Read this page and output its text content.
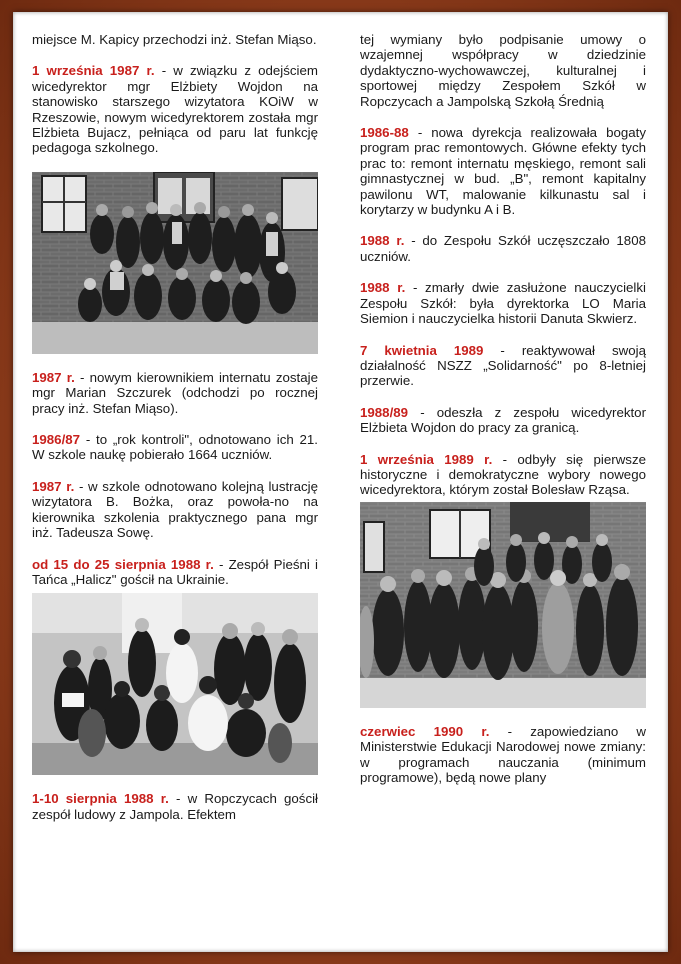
miejsce M. Kapicy przechodzi inż. Stefan Miąso.

1 września 1987 r. - w związku z odejściem wicedyrektor mgr Elżbiety Wojdon na stanowisko starszego wizytatora KOiW w Rzeszowie, nowym wicedyrektorem została mgr Elżbieta Bujacz, pełniąca od paru lat funkcję pedagoga szkolnego.

1987 r. - nowym kierownikiem internatu zostaje mgr Marian Szczurek (odchodzi po rocznej pracy inż. Stefan Miąso).

1986/87 - to „rok kontroli", odnotowano ich 21. W szkole naukę pobierało 1664 uczniów.

1987 r. - w szkole odnotowano kolejną lustrację wizytatora B. Bożka, oraz powoła-no na kierownika szkolenia praktycznego pana mgr inż. Tadeusza Sowę.

od 15 do 25 sierpnia 1988 r. - Zespół Pieśni i Tańca „Halicz" gościł na Ukrainie.

1-10 sierpnia 1988 r. - w Ropczycach gościł zespół ludowy z Jampola. Efektem

tej wymiany było podpisanie umowy o wzajemnej współpracy w dziedzinie dydaktyczno-wychowawczej, kulturalnej i sportowej między Zespołem Szkół w Ropczycach a Jampolską Szkołą Średnią

1986-88 - nowa dyrekcja realizowała bogaty program prac remontowych. Główne efekty tych prac to: remont internatu męskiego, remont sali gimnastycznej w bud. „B", remont kapitalny pawilonu WT, malowanie kilkunastu sal i korytarzy w budynku A i B.

1988 r. - do Zespołu Szkół uczęszczało 1808 uczniów.

1988 r. - zmarły dwie zasłużone nauczycielki Zespołu Szkół: była dyrektorka LO Maria Siemion i nauczycielka historii Danuta Skwierz.

7 kwietnia 1989 - reaktywował swoją działalność NSZZ „Solidarność" po 8-letniej przerwie.

1988/89 - odeszła z zespołu wicedyrektor Elżbieta Wojdon do pracy za granicą.

1 września 1989 r. - odbyły się pierwsze historyczne i demokratyczne wybory nowego wicedyrektora, którym został Bolesław Rząsa.

czerwiec 1990 r. - zapowiedziano w Ministerstwie Edukacji Narodowej nowe zmiany: w programach nauczania (minimum programowe), będą nowe plany
